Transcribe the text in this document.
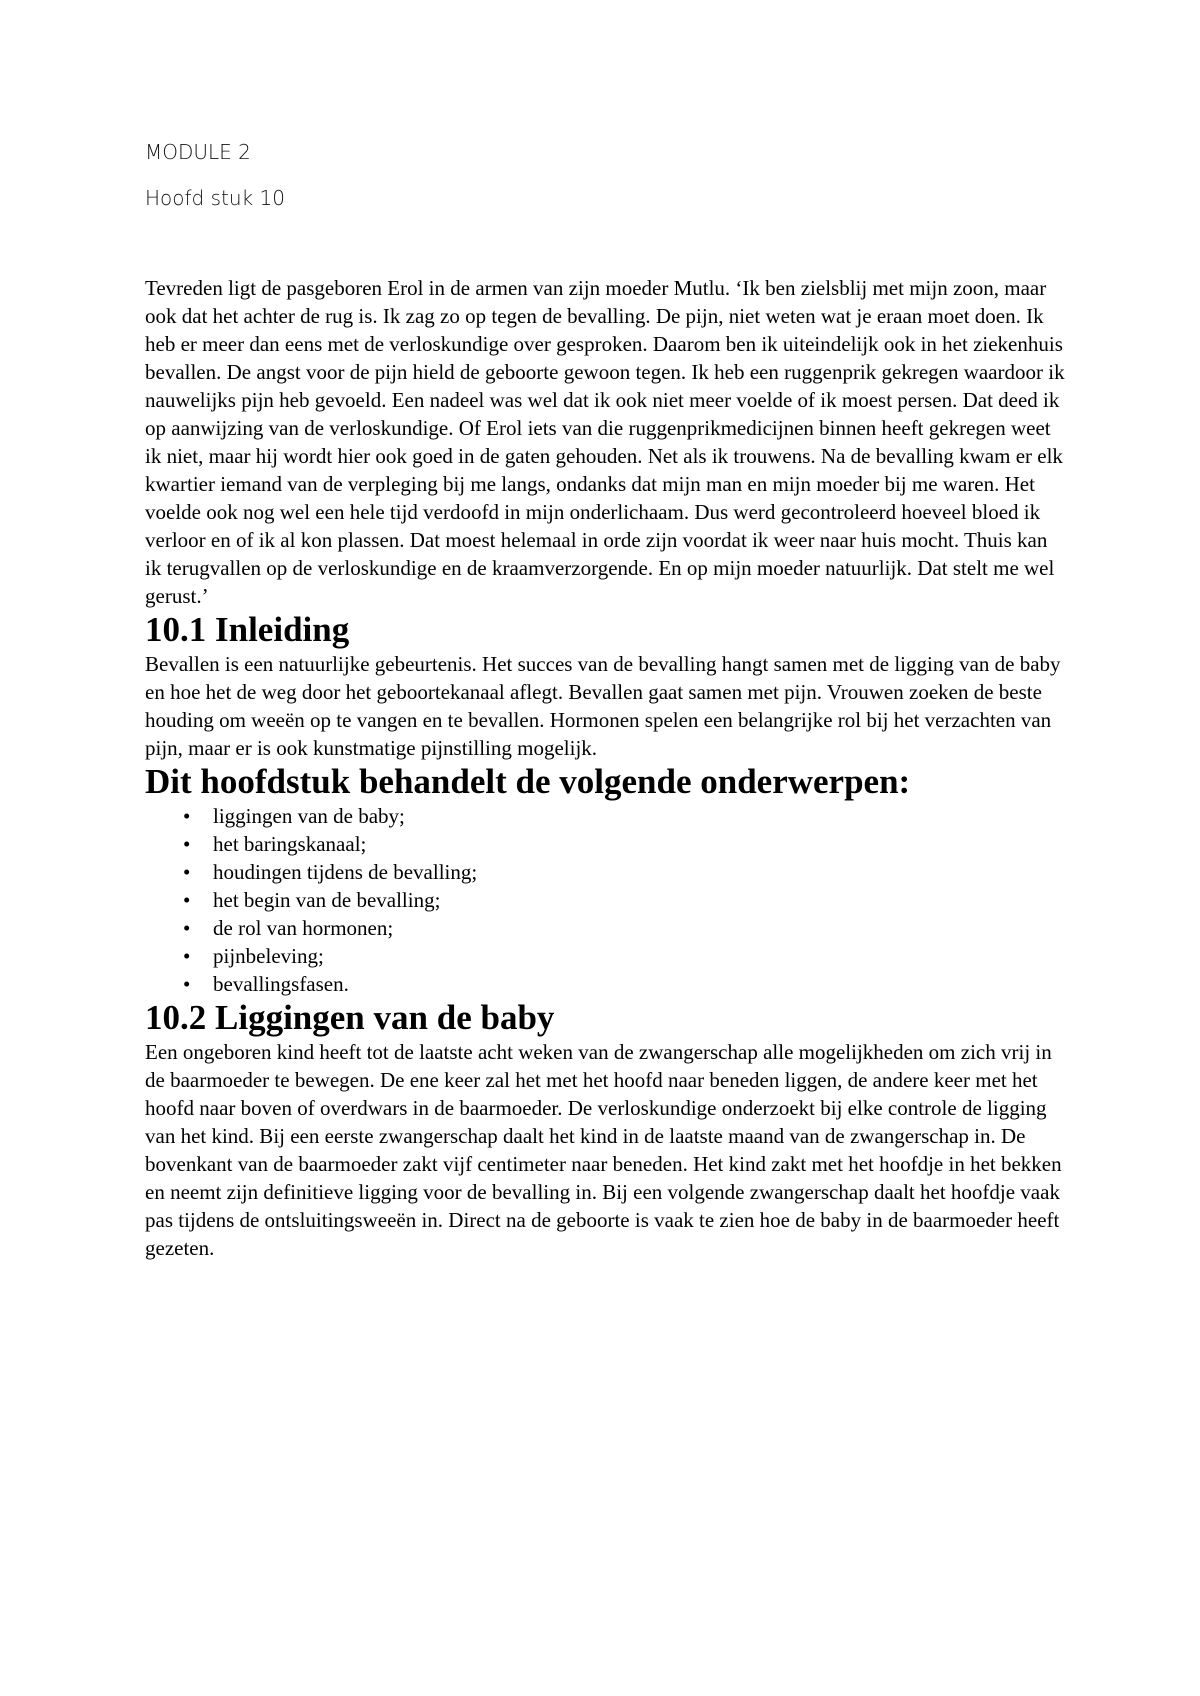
MODULE 2

Hoofd stuk 10

Tevreden ligt de pasgeboren Erol in de armen van zijn moeder Mutlu. ‘Ik ben zielsblij met mijn zoon, maar ook dat het achter de rug is. Ik zag zo op tegen de bevalling. De pijn, niet weten wat je eraan moet doen. Ik heb er meer dan eens met de verloskundige over gesproken. Daarom ben ik uiteindelijk ook in het ziekenhuis bevallen. De angst voor de pijn hield de geboorte gewoon tegen. Ik heb een ruggenprik gekregen waardoor ik nauwelijks pijn heb gevoeld. Een nadeel was wel dat ik ook niet meer voelde of ik moest persen. Dat deed ik op aanwijzing van de verloskundige. Of Erol iets van die ruggenprikmedicijnen binnen heeft gekregen weet ik niet, maar hij wordt hier ook goed in de gaten gehouden. Net als ik trouwens. Na de bevalling kwam er elk kwartier iemand van de verpleging bij me langs, ondanks dat mijn man en mijn moeder bij me waren. Het voelde ook nog wel een hele tijd verdoofd in mijn onderlichaam. Dus werd gecontroleerd hoeveel bloed ik verloor en of ik al kon plassen. Dat moest helemaal in orde zijn voordat ik weer naar huis mocht. Thuis kan ik terugvallen op de verloskundige en de kraamverzorgende. En op mijn moeder natuurlijk. Dat stelt me wel gerust.’

10.1 Inleiding

Bevallen is een natuurlijke gebeurtenis. Het succes van de bevalling hangt samen met de ligging van de baby en hoe het de weg door het geboortekanaal aflegt. Bevallen gaat samen met pijn. Vrouwen zoeken de beste houding om weeën op te vangen en te bevallen. Hormonen spelen een belangrijke rol bij het verzachten van pijn, maar er is ook kunstmatige pijnstilling mogelijk.

Dit hoofdstuk behandelt de volgende onderwerpen:
• liggingen van de baby;
• het baringskanaal;
• houdingen tijdens de bevalling;
• het begin van de bevalling;
• de rol van hormonen;
• pijnbeleving;
• bevallingsfasen.
10.2 Liggingen van de baby

Een ongeboren kind heeft tot de laatste acht weken van de zwangerschap alle mogelijkheden om zich vrij in de baarmoeder te bewegen. De ene keer zal het met het hoofd naar beneden liggen, de andere keer met het hoofd naar boven of overdwars in de baarmoeder. De verloskundige onderzoekt bij elke controle de ligging van het kind. Bij een eerste zwangerschap daalt het kind in de laatste maand van de zwangerschap in. De bovenkant van de baarmoeder zakt vijf centimeter naar beneden. Het kind zakt met het hoofdje in het bekken en neemt zijn definitieve ligging voor de bevalling in. Bij een volgende zwangerschap daalt het hoofdje vaak pas tijdens de ontsluitingsweeën in. Direct na de geboorte is vaak te zien hoe de baby in de baarmoeder heeft gezeten.
